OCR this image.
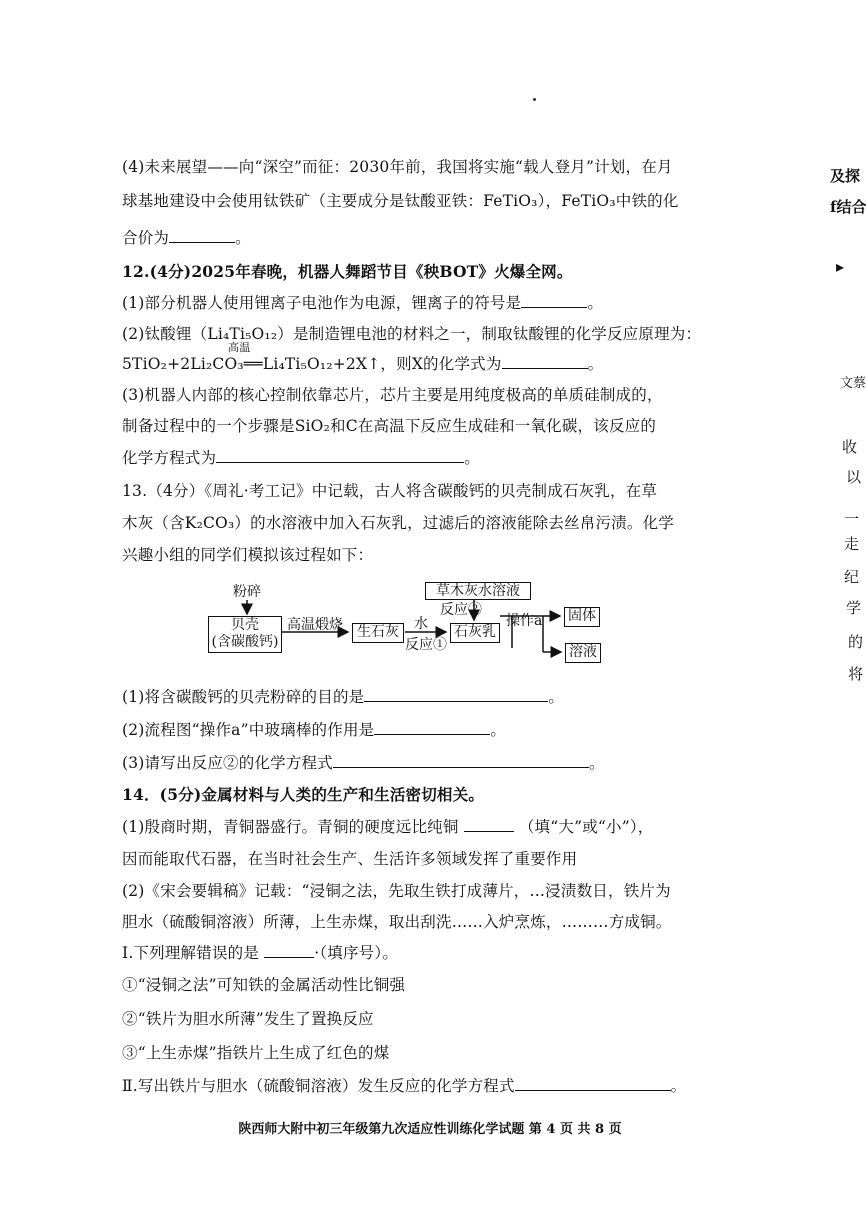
(4)未来展望——向“深空”而征：2030年前，我国将实施“载人登月”计划，在月
球基地建设中会使用钛铁矿（主要成分是钛酸亚铁：FeTiO₃），FeTiO₃中铁的化
合价为	。
12.(4分)2025年春晚，机器人舞蹈节目《秧BOT》火爆全网。
(1)部分机器人使用锂离子电池作为电源，锂离子的符号是	。
(2)钛酸锂（Li₄Ti₅O₁₂）是制造锂电池的材料之一，制取钛酸锂的化学反应原理为：
高温
5TiO₂+2Li₂CO₃══Li₄Ti₅O₁₂+2X↑，则X的化学式为	。
(3)机器人内部的核心控制依靠芯片，芯片主要是用纯度极高的单质硅制成的，
制备过程中的一个步骤是SiO₂和C在高温下反应生成硅和一氧化碳，该反应的
化学方程式为	。
13.（4分）《周礼·考工记》中记载，古人将含碳酸钙的贝壳制成石灰乳，在草
木灰（含K₂CO₃）的水溶液中加入石灰乳，过滤后的溶液能除去丝帛污渍。化学
兴趣小组的同学们模拟该过程如下：
粉碎
贝壳
(含碳酸钙)
高温煅烧	生石灰	水
反应①
草木灰水溶液
反应②
石灰乳
操作a 固体
溶液
(1)将含碳酸钙的贝壳粉碎的目的是	。
(2)流程图“操作a”中玻璃棒的作用是	。
(3)请写出反应②的化学方程式	。
14．(5分)金属材料与人类的生产和生活密切相关。
(1)殷商时期，青铜器盛行。青铜的硬度远比纯铜	（填“大”或“小”），
因而能取代石器，在当时社会生产、生活许多领域发挥了重要作用
(2)《宋会要辑稿》记载：“浸铜之法，先取生铁打成薄片，…浸渍数日，铁片为
胆水（硫酸铜溶液）所薄，上生赤煤，取出刮洗……入炉烹炼，………方成铜。
Ⅰ.下列理解错误的是	·（填序号）。
①“浸铜之法”可知铁的金属活动性比铜强
②“铁片为胆水所薄”发生了置换反应
③“上生赤煤”指铁片上生成了红色的煤
Ⅱ.写出铁片与胆水（硫酸铜溶液）发生反应的化学方程式	。
陕西师大附中初三年级第九次适应性训练化学试题 第 4 页 共 8 页
及探
f结合
▸
文蔡
收
以
一
走
纪
学
的
将
